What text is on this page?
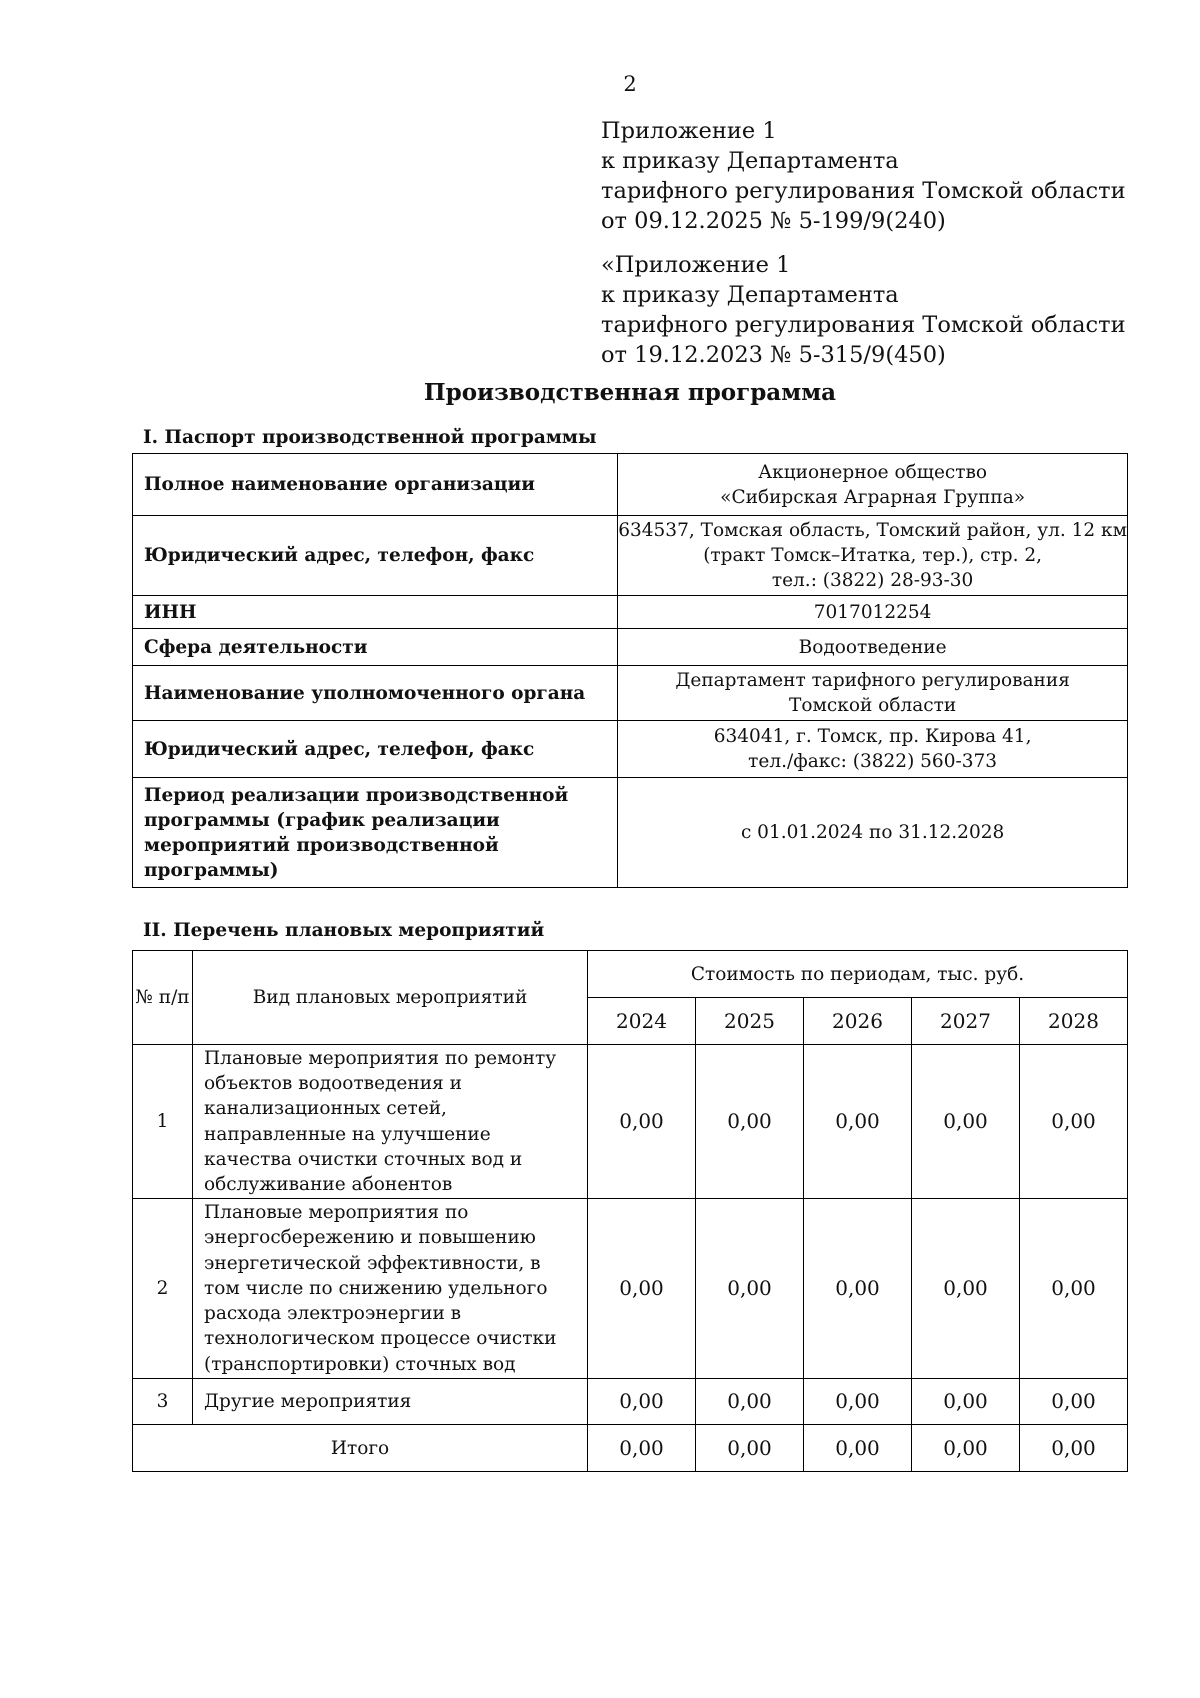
2
Приложение 1
к приказу Департамента
тарифного регулирования Томской области
от 09.12.2025 № 5-199/9(240)
«Приложение 1
к приказу Департамента
тарифного регулирования Томской области
от 19.12.2023 № 5-315/9(450)
Производственная программа
I. Паспорт производственной программы
Полное наименование организации	Акционерное общество
«Сибирская Аграрная Группа»

Юридический адрес, телефон, факс	634537, Томская область, Томский район, ул. 12 км
(тракт Томск–Итатка, тер.), стр. 2,
тел.: (3822) 28-93-30

ИНН	7017012254

Сфера деятельности	Водоотведение

Наименование уполномоченного органа	Департамент тарифного регулирования
Томской области

Юридический адрес, телефон, факс	634041, г. Томск, пр. Кирова 41,
тел./факс: (3822) 560-373

Период реализации производственной программы (график реализации мероприятий производственной программы)	с 01.01.2024 по 31.12.2028
II. Перечень плановых мероприятий
№ п/п	Вид плановых мероприятий	Стоимость по периодам, тыс. руб.				
		2024	2025	2026	2027	2028
1	Плановые мероприятия по ремонту объектов водоотведения и канализационных сетей, направленные на улучшение качества очистки сточных вод и обслуживание абонентов	0,00	0,00	0,00	0,00	0,00
2	Плановые мероприятия по энергосбережению и повышению энергетической эффективности, в том числе по снижению удельного расхода электроэнергии в технологическом процессе очистки (транспортировки) сточных вод	0,00	0,00	0,00	0,00	0,00
3	Другие мероприятия	0,00	0,00	0,00	0,00	0,00
Итого		0,00	0,00	0,00	0,00	0,00
